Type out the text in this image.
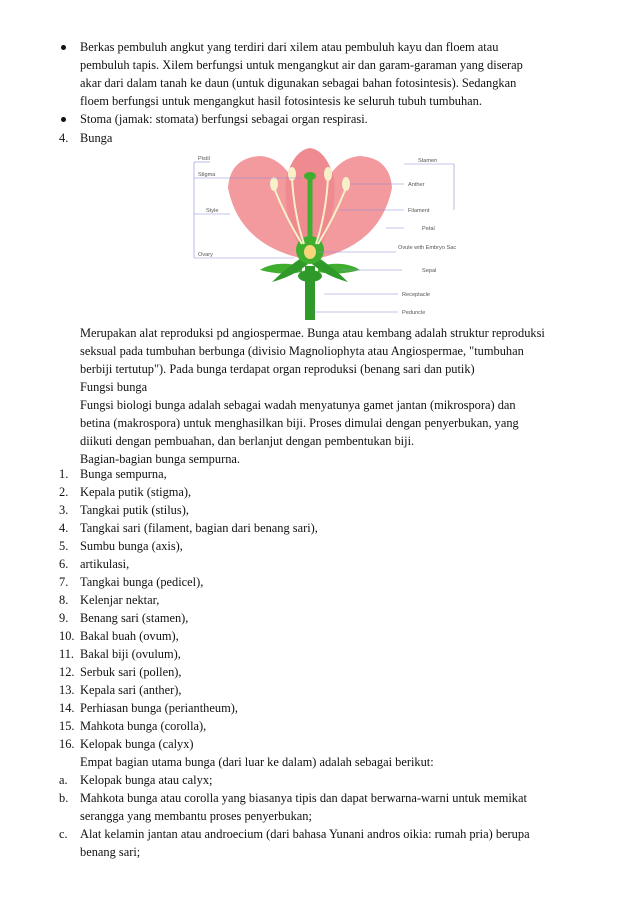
Berkas pembuluh angkut yang terdiri dari xilem atau pembuluh kayu dan floem atau
pembuluh tapis. Xilem berfungsi untuk mengangkut air dan garam-garaman yang diserap
akar dari dalam tanah ke daun (untuk digunakan sebagai bahan fotosintesis). Sedangkan
floem berfungsi untuk mengangkut hasil fotosintesis ke seluruh tubuh tumbuhan.
Stoma (jamak: stomata) berfungsi sebagai organ respirasi.
4. Bunga
Pistil
Stigma
Style
Ovary
Stamen
Anther
Filament
Petal
Ovule with Embryo Sac
Sepal
Receptacle
Peduncle
Merupakan alat reproduksi pd angiospermae. Bunga atau kembang adalah struktur reproduksi
seksual pada tumbuhan berbunga (divisio Magnoliophyta atau Angiospermae, "tumbuhan
berbiji tertutup"). Pada bunga terdapat organ reproduksi (benang sari dan putik)
Fungsi bunga
Fungsi biologi bunga adalah sebagai wadah menyatunya gamet jantan (mikrospora) dan
betina (makrospora) untuk menghasilkan biji. Proses dimulai dengan penyerbukan, yang
diikuti dengan pembuahan, dan berlanjut dengan pembentukan biji.
Bagian-bagian bunga sempurna.
1. Bunga sempurna,
2. Kepala putik (stigma),
3. Tangkai putik (stilus),
4. Tangkai sari (filament, bagian dari benang sari),
5. Sumbu bunga (axis),
6. artikulasi,
7. Tangkai bunga (pedicel),
8. Kelenjar nektar,
9. Benang sari (stamen),
10. Bakal buah (ovum),
11. Bakal biji (ovulum),
12. Serbuk sari (pollen),
13. Kepala sari (anther),
14. Perhiasan bunga (periantheum),
15. Mahkota bunga (corolla),
16. Kelopak bunga (calyx)
Empat bagian utama bunga (dari luar ke dalam) adalah sebagai berikut:
a. Kelopak bunga atau calyx;
b. Mahkota bunga atau corolla yang biasanya tipis dan dapat berwarna-warni untuk memikat
serangga yang membantu proses penyerbukan;
c. Alat kelamin jantan atau androecium (dari bahasa Yunani andros oikia: rumah pria) berupa
benang sari;
